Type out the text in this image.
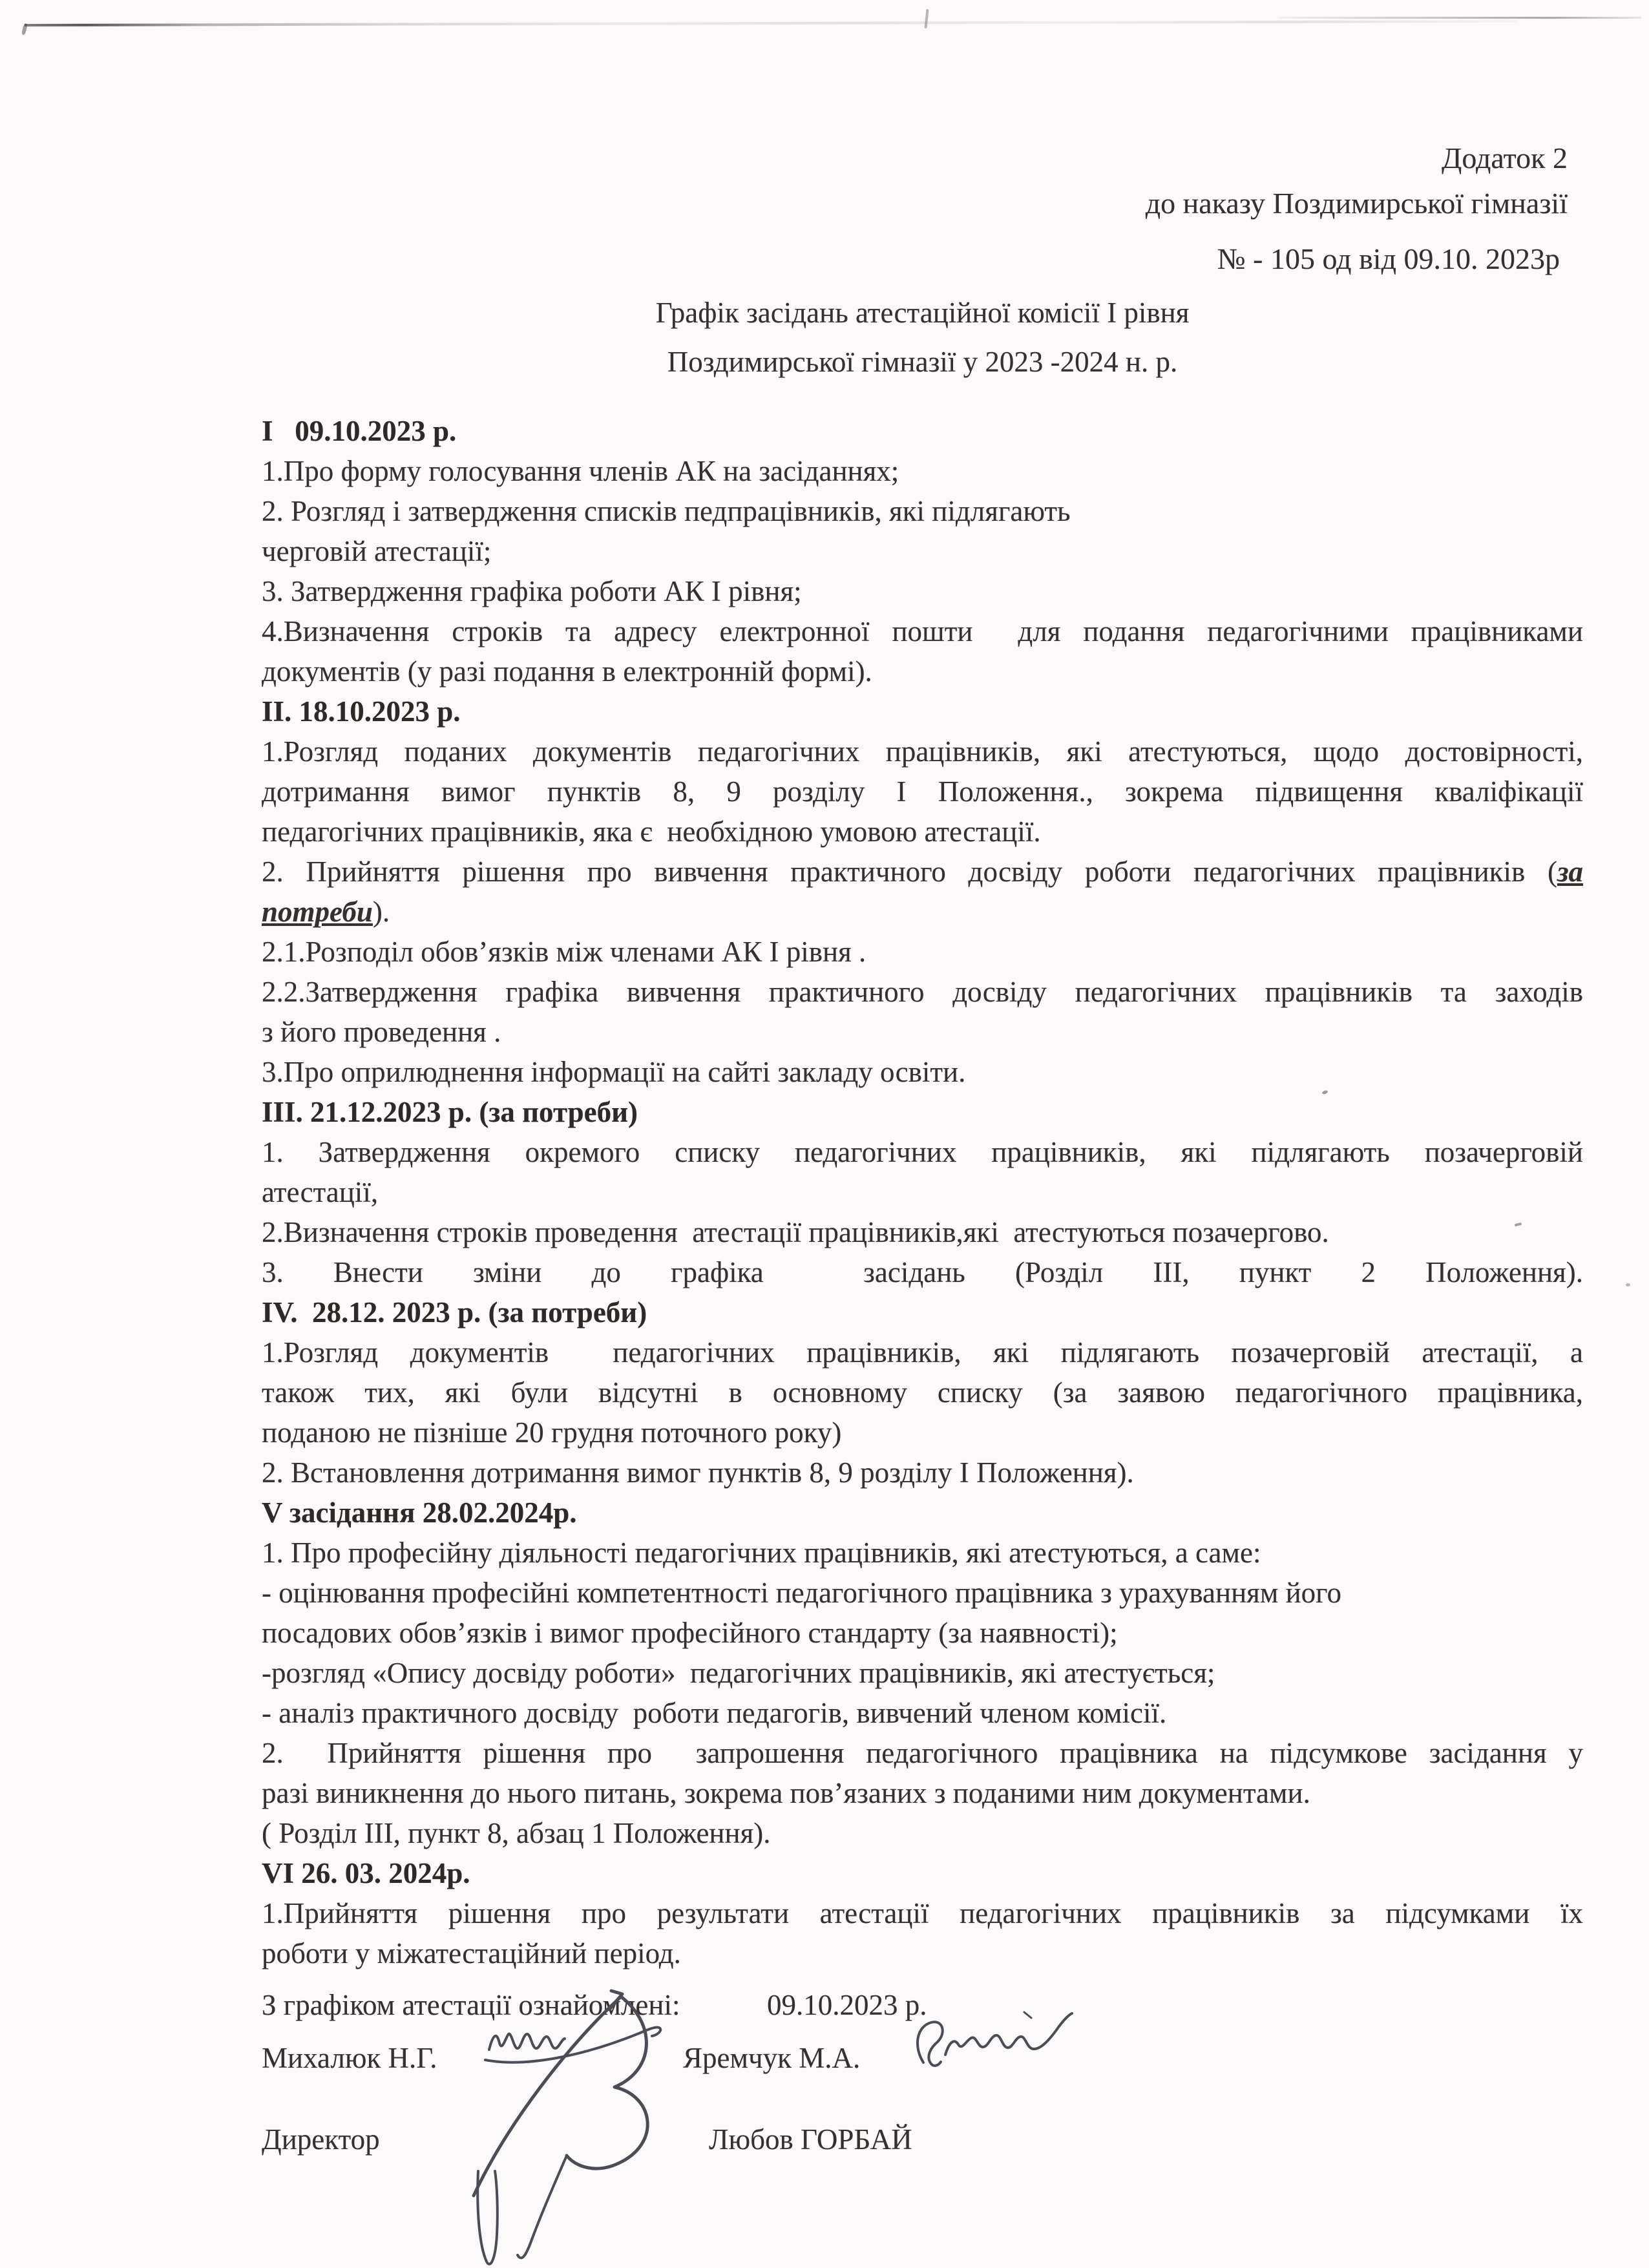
Додаток 2
до наказу Поздимирської гімназії
№ - 105 од від 09.10. 2023р
Графік засідань атестаційної комісії I рівня
Поздимирської гімназії у 2023 -2024 н. р.
I   09.10.2023 р.
1.Про форму голосування членів АК на засіданнях;
2. Розгляд і затвердження списків педпрацівників, які підлягають
черговій атестації;
3. Затвердження графіка роботи АК I рівня;
4.Визначення строків та адресу електронної пошти  для подання педагогічними працівниками
документів (у разі подання в електронній формі).
II. 18.10.2023 р.
1.Розгляд поданих документів педагогічних працівників, які атестуються, щодо достовірності,
дотримання вимог пунктів 8, 9 розділу I Положення., зокрема підвищення кваліфікації
педагогічних працівників, яка є  необхідною умовою атестації.
2. Прийняття рішення про вивчення практичного досвіду роботи педагогічних працівників (за
потреби).
2.1.Розподіл обов’язків між членами АК I рівня .
2.2.Затвердження графіка вивчення практичного досвіду педагогічних працівників та заходів
з його проведення .
3.Про оприлюднення інформації на сайті закладу освіти.
III. 21.12.2023 р. (за потреби)
1. Затвердження окремого списку педагогічних працівників, які підлягають позачерговій
атестації,
2.Визначення строків проведення  атестації працівників,які  атестуються позачергово.
3. Внести зміни до графіка  засідань (Розділ III, пункт 2 Положення).
IV.  28.12. 2023 р. (за потреби)
1.Розгляд документів  педагогічних працівників, які підлягають позачерговій атестації, а
також тих, які були відсутні в основному списку (за заявою педагогічного працівника,
поданою не пізніше 20 грудня поточного року)
2. Встановлення дотримання вимог пунктів 8, 9 розділу I Положення).
V засідання 28.02.2024р.
1. Про професійну діяльності педагогічних працівників, які атестуються, а саме:
- оцінювання професійні компетентності педагогічного працівника з урахуванням його
посадових обов’язків і вимог професійного стандарту (за наявності);
-розгляд «Опису досвіду роботи»  педагогічних працівників, які атестується;
- аналіз практичного досвіду  роботи педагогів, вивчений членом комісії.
2.  Прийняття рішення про  запрошення педагогічного працівника на підсумкове засідання у
разі виникнення до нього питань, зокрема пов’язаних з поданими ним документами.
( Розділ III, пункт 8, абзац 1 Положення).
VI 26. 03. 2024р.
1.Прийняття рішення про результати атестації педагогічних працівників за підсумками їх
роботи у міжатестаційний період.
З графіком атестації ознайомлені:	09.10.2023 р.
Михалюк Н.Г.	Яремчук М.А.
Директор	Любов ГОРБАЙ
